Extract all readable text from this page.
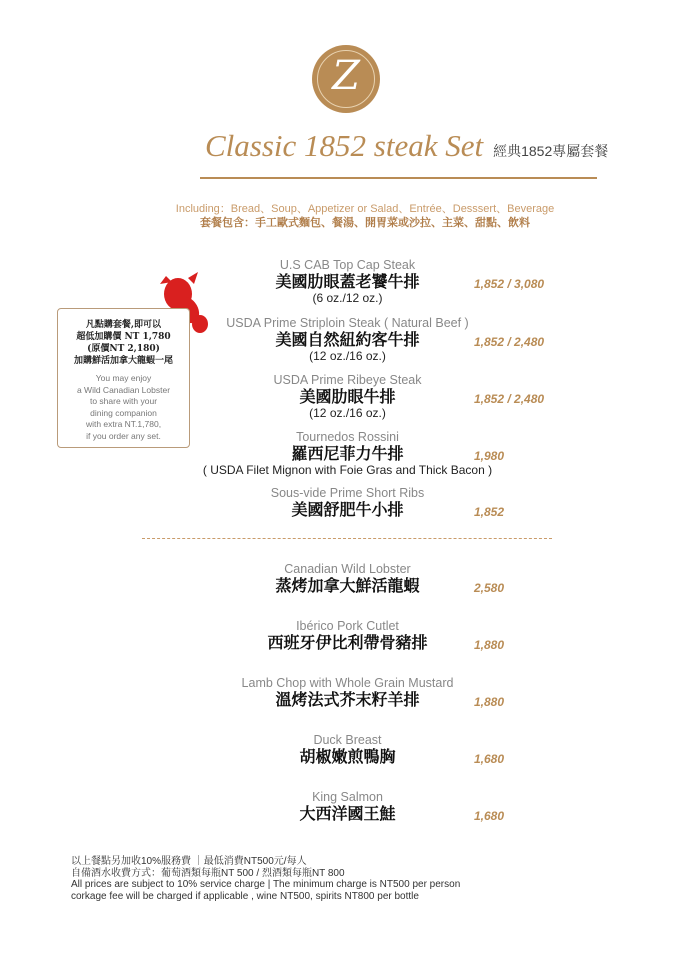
Z
Classic 1852 steak Set 經典1852專屬套餐
Including：Bread、Soup、Appetizer or Salad、Entrée、Desssert、Beverage
套餐包含：手工歐式麵包、餐湯、開胃菜或沙拉、主菜、甜點、飲料
凡點購套餐,即可以
超低加購價 NT 1,780
(原價NT 2,180)
加購鮮活加拿大龍蝦一尾
You may enjoy
a Wild Canadian Lobster
to share with your
dining companion
with extra NT.1,780,
if you order any set.
U.S CAB Top Cap Steak
美國肋眼蓋老饕牛排
(6 oz./12 oz.)
1,852 / 3,080
USDA Prime Striploin Steak ( Natural Beef )
美國自然紐約客牛排
(12 oz./16 oz.)
1,852 / 2,480
USDA Prime Ribeye Steak
美國肋眼牛排
(12 oz./16 oz.)
1,852 / 2,480
Tournedos Rossini
羅西尼菲力牛排
( USDA Filet Mignon with Foie Gras and Thick Bacon )
1,980
Sous-vide Prime Short Ribs
美國舒肥牛小排	1,852
Canadian Wild Lobster
蒸烤加拿大鮮活龍蝦	2,580
Ibérico Pork Cutlet
西班牙伊比利帶骨豬排	1,880
Lamb Chop with Whole Grain Mustard
溫烤法式芥末籽羊排	1,880
Duck Breast
胡椒嫩煎鴨胸	1,680
King Salmon
大西洋國王鮭	1,680
以上餐點另加收10%服務費 ｜最低消費NT500元/每人
自備酒水收費方式：葡萄酒類每瓶NT 500 / 烈酒類每瓶NT 800
All prices are subject to 10% service charge | The minimum charge is NT500 per person
corkage fee will be charged if applicable , wine NT500, spirits NT800 per bottle
